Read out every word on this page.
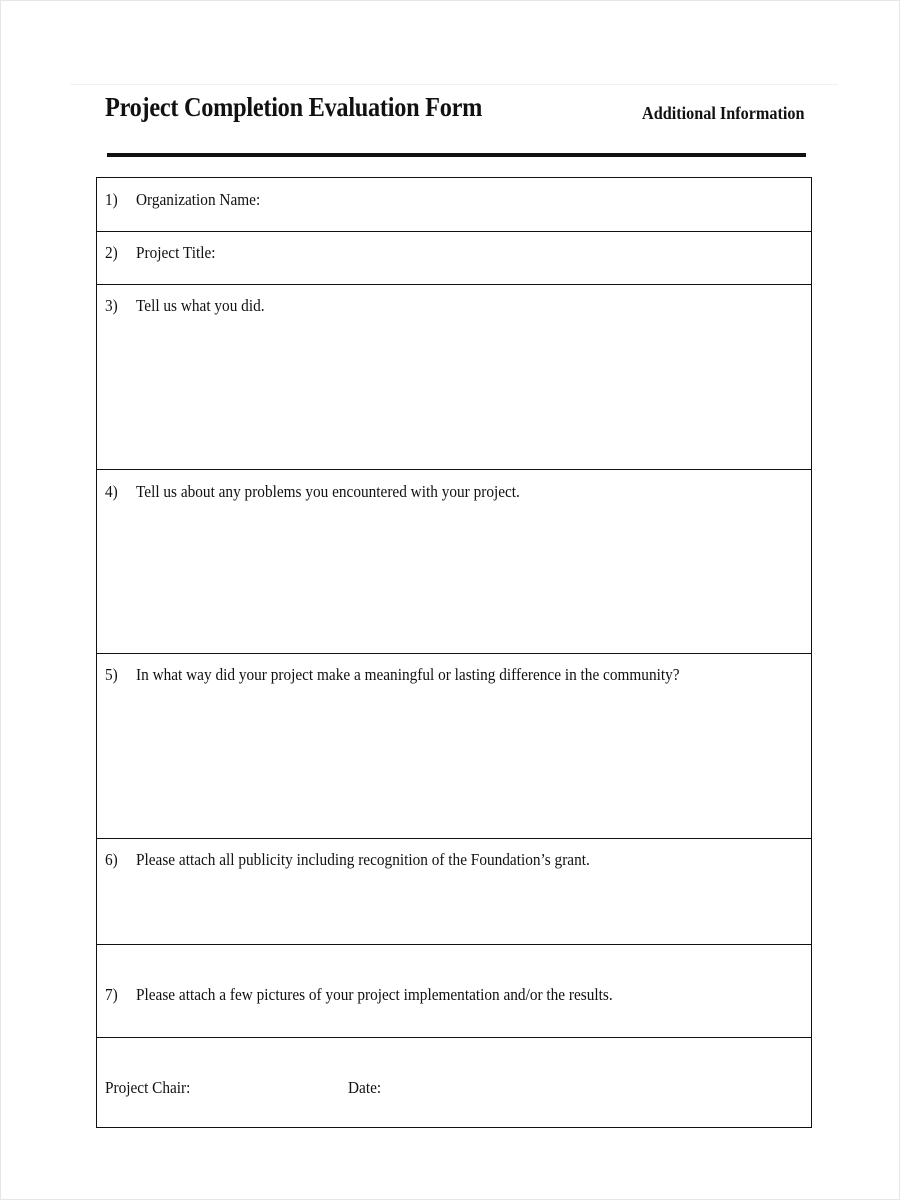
Project Completion Evaluation Form	Additional Information
1) Organization Name:
2) Project Title:
3) Tell us what you did.
4) Tell us about any problems you encountered with your project.
5) In what way did your project make a meaningful or lasting difference in the community?
6) Please attach all publicity including recognition of the Foundation’s grant.
7) Please attach a few pictures of your project implementation and/or the results.
Project Chair:	Date:
